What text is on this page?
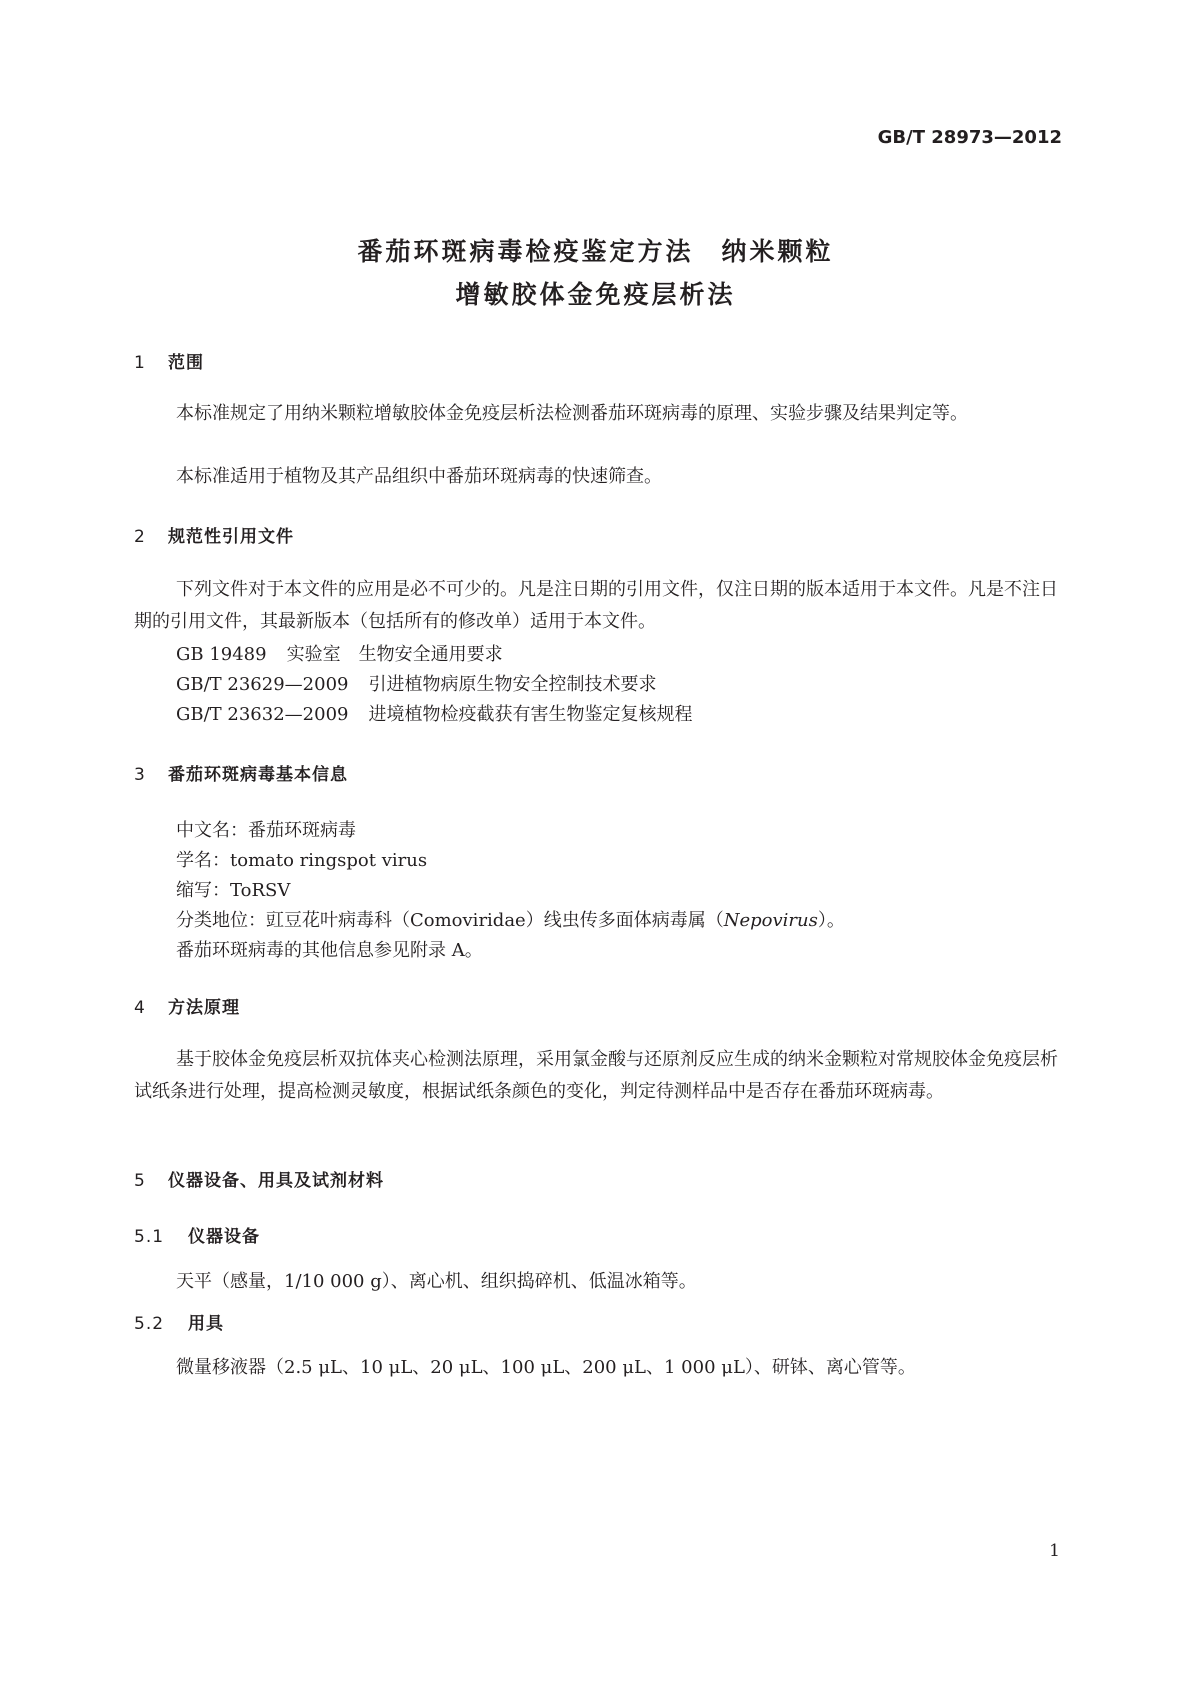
GB/T 28973—2012
番茄环斑病毒检疫鉴定方法　纳米颗粒
增敏胶体金免疫层析法
1 范围
本标准规定了用纳米颗粒增敏胶体金免疫层析法检测番茄环斑病毒的原理、实验步骤及结果判定等。
本标准适用于植物及其产品组织中番茄环斑病毒的快速筛查。
2 规范性引用文件
下列文件对于本文件的应用是必不可少的。凡是注日期的引用文件，仅注日期的版本适用于本文件。凡是不注日期的引用文件，其最新版本（包括所有的修改单）适用于本文件。
GB 19489 实验室　生物安全通用要求
GB/T 23629—2009 引进植物病原生物安全控制技术要求
GB/T 23632—2009 进境植物检疫截获有害生物鉴定复核规程
3 番茄环斑病毒基本信息
中文名：番茄环斑病毒
学名：tomato ringspot virus
缩写：ToRSV
分类地位：豇豆花叶病毒科（Comoviridae）线虫传多面体病毒属（Nepovirus）。
番茄环斑病毒的其他信息参见附录 A。
4 方法原理
基于胶体金免疫层析双抗体夹心检测法原理，采用氯金酸与还原剂反应生成的纳米金颗粒对常规胶体金免疫层析试纸条进行处理，提高检测灵敏度，根据试纸条颜色的变化，判定待测样品中是否存在番茄环斑病毒。
5 仪器设备、用具及试剂材料
5.1 仪器设备
天平（感量，1/10 000 g）、离心机、组织捣碎机、低温冰箱等。
5.2 用具
微量移液器（2.5 μL、10 μL、20 μL、100 μL、200 μL、1 000 μL）、研钵、离心管等。
1
